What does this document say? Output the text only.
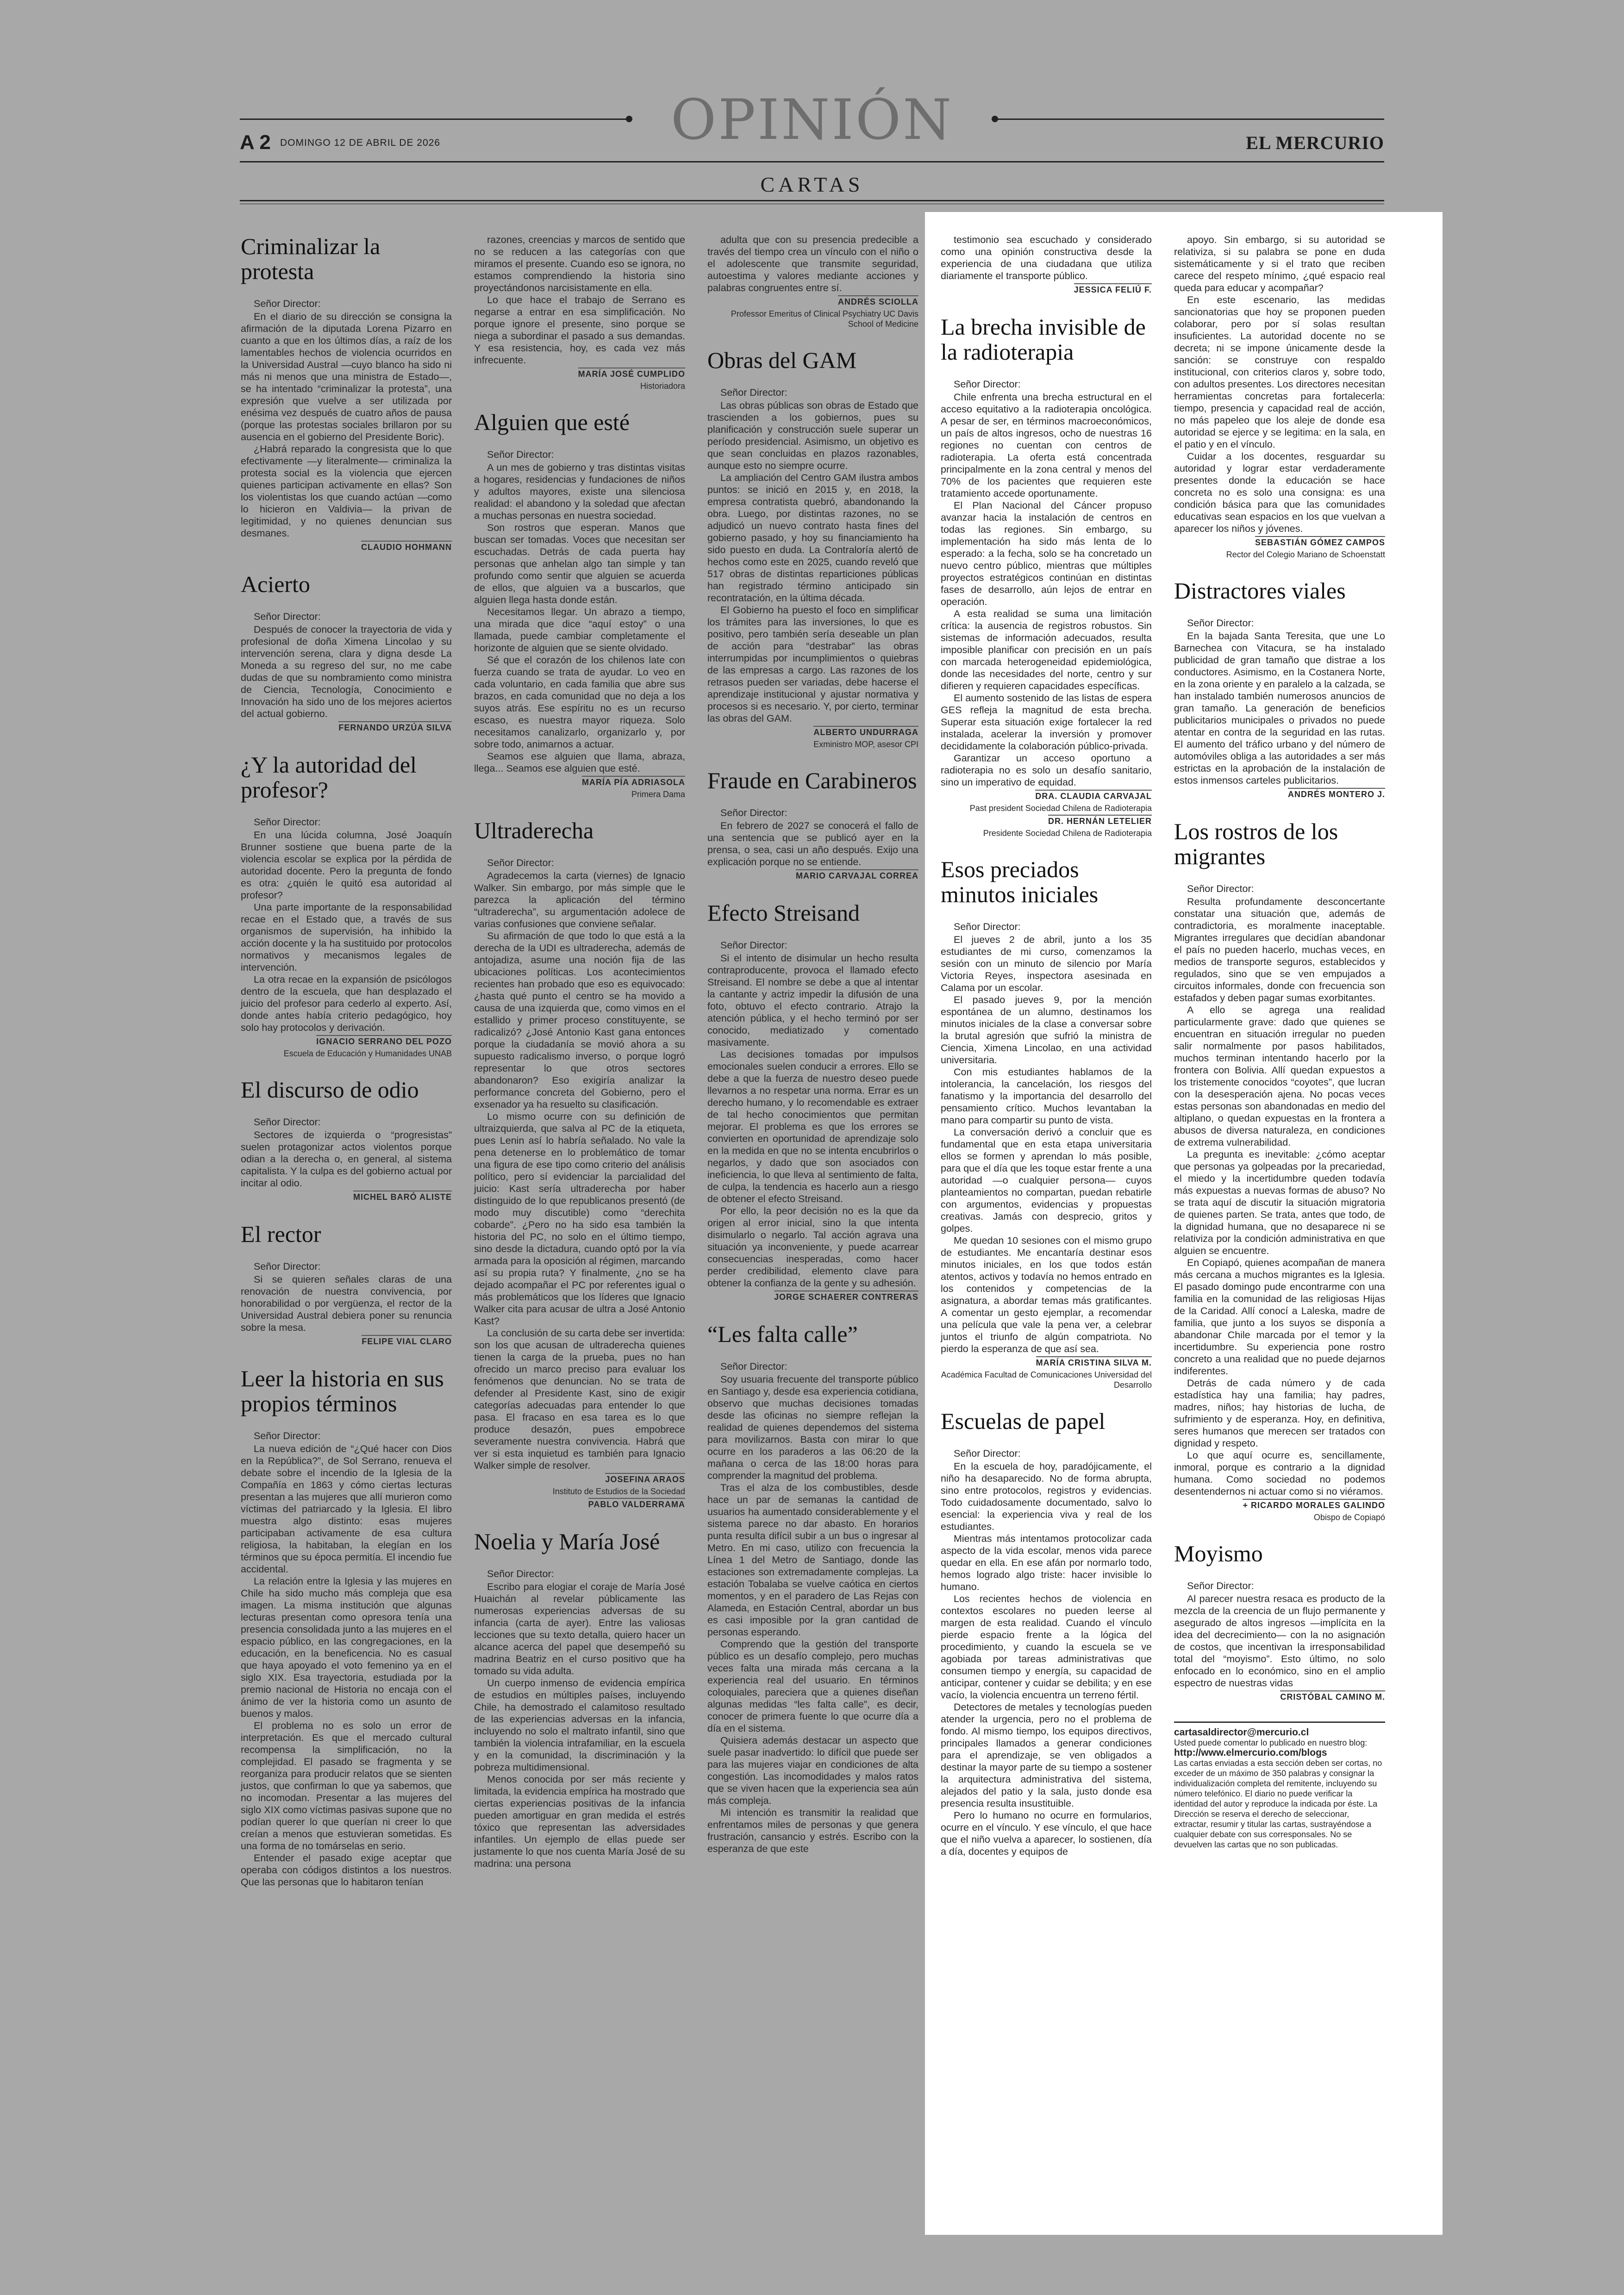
OPINIÓN
A 2 DOMINGO 12 DE ABRIL DE 2026	EL MERCURIO
CARTAS
Criminalizar la protesta

Señor Director:

En el diario de su dirección se consigna la afirmación de la diputada Lorena Pizarro en cuanto a que en los últimos días, a raíz de los lamentables hechos de violencia ocurridos en la Universidad Austral —cuyo blanco ha sido ni más ni menos que una ministra de Estado—, se ha intentado “criminalizar la protesta”, una expresión que vuelve a ser utilizada por enésima vez después de cuatro años de pausa (porque las protestas sociales brillaron por su ausencia en el gobierno del Presidente Boric).

¿Habrá reparado la congresista que lo que efectivamente —y literalmente— criminaliza la protesta social es la violencia que ejercen quienes participan activamente en ellas? Son los violentistas los que cuando actúan —como lo hicieron en Valdivia— la privan de legitimidad, y no quienes denuncian sus desmanes.

CLAUDIO HOHMANN
Acierto

Señor Director:

Después de conocer la trayectoria de vida y profesional de doña Ximena Lincolao y su intervención serena, clara y digna desde La Moneda a su regreso del sur, no me cabe dudas de que su nombramiento como ministra de Ciencia, Tecnología, Conocimiento e Innovación ha sido uno de los mejores aciertos del actual gobierno.

FERNANDO URZÚA SILVA
¿Y la autoridad del profesor?

Señor Director:

En una lúcida columna, José Joaquín Brunner sostiene que buena parte de la violencia escolar se explica por la pérdida de autoridad docente. Pero la pregunta de fondo es otra: ¿quién le quitó esa autoridad al profesor?

Una parte importante de la responsabilidad recae en el Estado que, a través de sus organismos de supervisión, ha inhibido la acción docente y la ha sustituido por protocolos normativos y mecanismos legales de intervención.

La otra recae en la expansión de psicólogos dentro de la escuela, que han desplazado el juicio del profesor para cederlo al experto. Así, donde antes había criterio pedagógico, hoy solo hay protocolos y derivación.

IGNACIO SERRANO DEL POZO
Escuela de Educación y Humanidades UNAB
El discurso de odio

Señor Director:

Sectores de izquierda o “progresistas” suelen protagonizar actos violentos porque odian a la derecha o, en general, al sistema capitalista. Y la culpa es del gobierno actual por incitar al odio.

MICHEL BARÓ ALISTE
El rector

Señor Director:

Si se quieren señales claras de una renovación de nuestra convivencia, por honorabilidad o por vergüenza, el rector de la Universidad Austral debiera poner su renuncia sobre la mesa.

FELIPE VIAL CLARO
Leer la historia en sus propios términos

Señor Director:

La nueva edición de “¿Qué hacer con Dios en la República?”, de Sol Serrano, renueva el debate sobre el incendio de la Iglesia de la Compañía en 1863 y cómo ciertas lecturas presentan a las mujeres que allí murieron como víctimas del patriarcado y la Iglesia. El libro muestra algo distinto: esas mujeres participaban activamente de esa cultura religiosa, la habitaban, la elegían en los términos que su época permitía. El incendio fue accidental.

La relación entre la Iglesia y las mujeres en Chile ha sido mucho más compleja que esa imagen. La misma institución que algunas lecturas presentan como opresora tenía una presencia consolidada junto a las mujeres en el espacio público, en las congregaciones, en la educación, en la beneficencia. No es casual que haya apoyado el voto femenino ya en el siglo XIX. Esa trayectoria, estudiada por la premio nacional de Historia no encaja con el ánimo de ver la historia como un asunto de buenos y malos.

El problema no es solo un error de interpretación. Es que el mercado cultural recompensa la simplificación, no la complejidad. El pasado se fragmenta y se reorganiza para producir relatos que se sienten justos, que confirman lo que ya sabemos, que no incomodan. Presentar a las mujeres del siglo XIX como víctimas pasivas supone que no podían querer lo que querían ni creer lo que creían a menos que estuvieran sometidas. Es una forma de no tomárselas en serio.

Entender el pasado exige aceptar que operaba con códigos distintos a los nuestros. Que las personas que lo habitaron tenían

razones, creencias y marcos de sentido que no se reducen a las categorías con que miramos el presente. Cuando eso se ignora, no estamos comprendiendo la historia sino proyectándonos narcisistamente en ella.

Lo que hace el trabajo de Serrano es negarse a entrar en esa simplificación. No porque ignore el presente, sino porque se niega a subordinar el pasado a sus demandas. Y esa resistencia, hoy, es cada vez más infrecuente.

MARÍA JOSÉ CUMPLIDO
Historiadora
Alguien que esté

Señor Director:

A un mes de gobierno y tras distintas visitas a hogares, residencias y fundaciones de niños y adultos mayores, existe una silenciosa realidad: el abandono y la soledad que afectan a muchas personas en nuestra sociedad.

Son rostros que esperan. Manos que buscan ser tomadas. Voces que necesitan ser escuchadas. Detrás de cada puerta hay personas que anhelan algo tan simple y tan profundo como sentir que alguien se acuerda de ellos, que alguien va a buscarlos, que alguien llega hasta donde están.

Necesitamos llegar. Un abrazo a tiempo, una mirada que dice “aquí estoy” o una llamada, puede cambiar completamente el horizonte de alguien que se siente olvidado.

Sé que el corazón de los chilenos late con fuerza cuando se trata de ayudar. Lo veo en cada voluntario, en cada familia que abre sus brazos, en cada comunidad que no deja a los suyos atrás. Ese espíritu no es un recurso escaso, es nuestra mayor riqueza. Solo necesitamos canalizarlo, organizarlo y, por sobre todo, animarnos a actuar.

Seamos ese alguien que llama, abraza, llega... Seamos ese alguien que esté.

MARÍA PÍA ADRIASOLA
Primera Dama
Ultraderecha

Señor Director:

Agradecemos la carta (viernes) de Ignacio Walker. Sin embargo, por más simple que le parezca la aplicación del término “ultraderecha”, su argumentación adolece de varias confusiones que conviene señalar.

Su afirmación de que todo lo que está a la derecha de la UDI es ultraderecha, además de antojadiza, asume una noción fija de las ubicaciones políticas. Los acontecimientos recientes han probado que eso es equivocado: ¿hasta qué punto el centro se ha movido a causa de una izquierda que, como vimos en el estallido y primer proceso constituyente, se radicalizó? ¿José Antonio Kast gana entonces porque la ciudadanía se movió ahora a su supuesto radicalismo inverso, o porque logró representar lo que otros sectores abandonaron? Eso exigiría analizar la performance concreta del Gobierno, pero el exsenador ya ha resuelto su clasificación.

Lo mismo ocurre con su definición de ultraizquierda, que salva al PC de la etiqueta, pues Lenin así lo habría señalado. No vale la pena detenerse en lo problemático de tomar una figura de ese tipo como criterio del análisis político, pero sí evidenciar la parcialidad del juicio: Kast sería ultraderecha por haber distinguido de lo que republicanos presentó (de modo muy discutible) como “derechita cobarde”. ¿Pero no ha sido esa también la historia del PC, no solo en el último tiempo, sino desde la dictadura, cuando optó por la vía armada para la oposición al régimen, marcando así su propia ruta? Y finalmente, ¿no se ha dejado acompañar el PC por referentes igual o más problemáticos que los líderes que Ignacio Walker cita para acusar de ultra a José Antonio Kast?

La conclusión de su carta debe ser invertida: son los que acusan de ultraderecha quienes tienen la carga de la prueba, pues no han ofrecido un marco preciso para evaluar los fenómenos que denuncian. No se trata de defender al Presidente Kast, sino de exigir categorías adecuadas para entender lo que pasa. El fracaso en esa tarea es lo que produce desazón, pues empobrece severamente nuestra convivencia. Habrá que ver si esta inquietud es también para Ignacio Walker simple de resolver.

JOSEFINA ARAOS
Instituto de Estudios de la Sociedad
PABLO VALDERRAMA
Noelia y María José

Señor Director:

Escribo para elogiar el coraje de María José Huaichán al revelar públicamente las numerosas experiencias adversas de su infancia (carta de ayer). Entre las valiosas lecciones que su texto detalla, quiero hacer un alcance acerca del papel que desempeñó su madrina Beatriz en el curso positivo que ha tomado su vida adulta.

Un cuerpo inmenso de evidencia empírica de estudios en múltiples países, incluyendo Chile, ha demostrado el calamitoso resultado de las experiencias adversas en la infancia, incluyendo no solo el maltrato infantil, sino que también la violencia intrafamiliar, en la escuela y en la comunidad, la discriminación y la pobreza multidimensional.

Menos conocida por ser más reciente y limitada, la evidencia empírica ha mostrado que ciertas experiencias positivas de la infancia pueden amortiguar en gran medida el estrés tóxico que representan las adversidades infantiles. Un ejemplo de ellas puede ser justamente lo que nos cuenta María José de su madrina: una persona

adulta que con su presencia predecible a través del tiempo crea un vínculo con el niño o el adolescente que transmite seguridad, autoestima y valores mediante acciones y palabras congruentes entre sí.

ANDRÉS SCIOLLA
Professor Emeritus of Clinical Psychiatry UC Davis School of Medicine
Obras del GAM

Señor Director:

Las obras públicas son obras de Estado que trascienden a los gobiernos, pues su planificación y construcción suele superar un período presidencial. Asimismo, un objetivo es que sean concluidas en plazos razonables, aunque esto no siempre ocurre.

La ampliación del Centro GAM ilustra ambos puntos: se inició en 2015 y, en 2018, la empresa contratista quebró, abandonando la obra. Luego, por distintas razones, no se adjudicó un nuevo contrato hasta fines del gobierno pasado, y hoy su financiamiento ha sido puesto en duda. La Contraloría alertó de hechos como este en 2025, cuando reveló que 517 obras de distintas reparticiones públicas han registrado término anticipado sin recontratación, en la última década.

El Gobierno ha puesto el foco en simplificar los trámites para las inversiones, lo que es positivo, pero también sería deseable un plan de acción para “destrabar” las obras interrumpidas por incumplimientos o quiebras de las empresas a cargo. Las razones de los retrasos pueden ser variadas, debe hacerse el aprendizaje institucional y ajustar normativa y procesos si es necesario. Y, por cierto, terminar las obras del GAM.

ALBERTO UNDURRAGA
Exministro MOP, asesor CPI
Fraude en Carabineros

Señor Director:

En febrero de 2027 se conocerá el fallo de una sentencia que se publicó ayer en la prensa, o sea, casi un año después. Exijo una explicación porque no se entiende.

MARIO CARVAJAL CORREA
Efecto Streisand

Señor Director:

Si el intento de disimular un hecho resulta contraproducente, provoca el llamado efecto Streisand. El nombre se debe a que al intentar la cantante y actriz impedir la difusión de una foto, obtuvo el efecto contrario. Atrajo la atención pública, y el hecho terminó por ser conocido, mediatizado y comentado masivamente.

Las decisiones tomadas por impulsos emocionales suelen conducir a errores. Ello se debe a que la fuerza de nuestro deseo puede llevarnos a no respetar una norma. Errar es un derecho humano, y lo recomendable es extraer de tal hecho conocimientos que permitan mejorar. El problema es que los errores se convierten en oportunidad de aprendizaje solo en la medida en que no se intenta encubrirlos o negarlos, y dado que son asociados con ineficiencia, lo que lleva al sentimiento de falta, de culpa, la tendencia es hacerlo aun a riesgo de obtener el efecto Streisand.

Por ello, la peor decisión no es la que da origen al error inicial, sino la que intenta disimularlo o negarlo. Tal acción agrava una situación ya inconveniente, y puede acarrear consecuencias inesperadas, como hacer perder credibilidad, elemento clave para obtener la confianza de la gente y su adhesión.

JORGE SCHAERER CONTRERAS
“Les falta calle”

Señor Director:

Soy usuaria frecuente del transporte público en Santiago y, desde esa experiencia cotidiana, observo que muchas decisiones tomadas desde las oficinas no siempre reflejan la realidad de quienes dependemos del sistema para movilizarnos. Basta con mirar lo que ocurre en los paraderos a las 06:20 de la mañana o cerca de las 18:00 horas para comprender la magnitud del problema.

Tras el alza de los combustibles, desde hace un par de semanas la cantidad de usuarios ha aumentado considerablemente y el sistema parece no dar abasto. En horarios punta resulta difícil subir a un bus o ingresar al Metro. En mi caso, utilizo con frecuencia la Línea 1 del Metro de Santiago, donde las estaciones son extremadamente complejas. La estación Tobalaba se vuelve caótica en ciertos momentos, y en el paradero de Las Rejas con Alameda, en Estación Central, abordar un bus es casi imposible por la gran cantidad de personas esperando.

Comprendo que la gestión del transporte público es un desafío complejo, pero muchas veces falta una mirada más cercana a la experiencia real del usuario. En términos coloquiales, pareciera que a quienes diseñan algunas medidas “les falta calle”, es decir, conocer de primera fuente lo que ocurre día a día en el sistema.

Quisiera además destacar un aspecto que suele pasar inadvertido: lo difícil que puede ser para las mujeres viajar en condiciones de alta congestión. Las incomodidades y malos ratos que se viven hacen que la experiencia sea aún más compleja.

Mi intención es transmitir la realidad que enfrentamos miles de personas y que genera frustración, cansancio y estrés. Escribo con la esperanza de que este

testimonio sea escuchado y considerado como una opinión constructiva desde la experiencia de una ciudadana que utiliza diariamente el transporte público.

JESSICA FELIÚ F.
La brecha invisible de la radioterapia

Señor Director:

Chile enfrenta una brecha estructural en el acceso equitativo a la radioterapia oncológica. A pesar de ser, en términos macroeconómicos, un país de altos ingresos, ocho de nuestras 16 regiones no cuentan con centros de radioterapia. La oferta está concentrada principalmente en la zona central y menos del 70% de los pacientes que requieren este tratamiento accede oportunamente.

El Plan Nacional del Cáncer propuso avanzar hacia la instalación de centros en todas las regiones. Sin embargo, su implementación ha sido más lenta de lo esperado: a la fecha, solo se ha concretado un nuevo centro público, mientras que múltiples proyectos estratégicos continúan en distintas fases de desarrollo, aún lejos de entrar en operación.

A esta realidad se suma una limitación crítica: la ausencia de registros robustos. Sin sistemas de información adecuados, resulta imposible planificar con precisión en un país con marcada heterogeneidad epidemiológica, donde las necesidades del norte, centro y sur difieren y requieren capacidades específicas.

El aumento sostenido de las listas de espera GES refleja la magnitud de esta brecha. Superar esta situación exige fortalecer la red instalada, acelerar la inversión y promover decididamente la colaboración público-privada.

Garantizar un acceso oportuno a radioterapia no es solo un desafío sanitario, sino un imperativo de equidad.

DRA. CLAUDIA CARVAJAL
Past president Sociedad Chilena de Radioterapia
DR. HERNÁN LETELIER
Presidente Sociedad Chilena de Radioterapia
Esos preciados minutos iniciales

Señor Director:

El jueves 2 de abril, junto a los 35 estudiantes de mi curso, comenzamos la sesión con un minuto de silencio por María Victoria Reyes, inspectora asesinada en Calama por un escolar.

El pasado jueves 9, por la mención espontánea de un alumno, destinamos los minutos iniciales de la clase a conversar sobre la brutal agresión que sufrió la ministra de Ciencia, Ximena Lincolao, en una actividad universitaria.

Con mis estudiantes hablamos de la intolerancia, la cancelación, los riesgos del fanatismo y la importancia del desarrollo del pensamiento crítico. Muchos levantaban la mano para compartir su punto de vista.

La conversación derivó a concluir que es fundamental que en esta etapa universitaria ellos se formen y aprendan lo más posible, para que el día que les toque estar frente a una autoridad —o cualquier persona— cuyos planteamientos no compartan, puedan rebatirle con argumentos, evidencias y propuestas creativas. Jamás con desprecio, gritos y golpes.

Me quedan 10 sesiones con el mismo grupo de estudiantes. Me encantaría destinar esos minutos iniciales, en los que todos están atentos, activos y todavía no hemos entrado en los contenidos y competencias de la asignatura, a abordar temas más gratificantes. A comentar un gesto ejemplar, a recomendar una película que vale la pena ver, a celebrar juntos el triunfo de algún compatriota. No pierdo la esperanza de que así sea.

MARÍA CRISTINA SILVA M.
Académica Facultad de Comunicaciones Universidad del Desarrollo
Escuelas de papel

Señor Director:

En la escuela de hoy, paradójicamente, el niño ha desaparecido. No de forma abrupta, sino entre protocolos, registros y evidencias. Todo cuidadosamente documentado, salvo lo esencial: la experiencia viva y real de los estudiantes.

Mientras más intentamos protocolizar cada aspecto de la vida escolar, menos vida parece quedar en ella. En ese afán por normarlo todo, hemos logrado algo triste: hacer invisible lo humano.

Los recientes hechos de violencia en contextos escolares no pueden leerse al margen de esta realidad. Cuando el vínculo pierde espacio frente a la lógica del procedimiento, y cuando la escuela se ve agobiada por tareas administrativas que consumen tiempo y energía, su capacidad de anticipar, contener y cuidar se debilita; y en ese vacío, la violencia encuentra un terreno fértil.

Detectores de metales y tecnologías pueden atender la urgencia, pero no el problema de fondo. Al mismo tiempo, los equipos directivos, principales llamados a generar condiciones para el aprendizaje, se ven obligados a destinar la mayor parte de su tiempo a sostener la arquitectura administrativa del sistema, alejados del patio y la sala, justo donde esa presencia resulta insustituible.

Pero lo humano no ocurre en formularios, ocurre en el vínculo. Y ese vínculo, el que hace que el niño vuelva a aparecer, lo sostienen, día a día, docentes y equipos de

apoyo. Sin embargo, si su autoridad se relativiza, si su palabra se pone en duda sistemáticamente y si el trato que reciben carece del respeto mínimo, ¿qué espacio real queda para educar y acompañar?

En este escenario, las medidas sancionatorias que hoy se proponen pueden colaborar, pero por sí solas resultan insuficientes. La autoridad docente no se decreta; ni se impone únicamente desde la sanción: se construye con respaldo institucional, con criterios claros y, sobre todo, con adultos presentes. Los directores necesitan herramientas concretas para fortalecerla: tiempo, presencia y capacidad real de acción, no más papeleo que los aleje de donde esa autoridad se ejerce y se legitima: en la sala, en el patio y en el vínculo.

Cuidar a los docentes, resguardar su autoridad y lograr estar verdaderamente presentes donde la educación se hace concreta no es solo una consigna: es una condición básica para que las comunidades educativas sean espacios en los que vuelvan a aparecer los niños y jóvenes.

SEBASTIÁN GÓMEZ CAMPOS
Rector del Colegio Mariano de Schoenstatt
Distractores viales

Señor Director:

En la bajada Santa Teresita, que une Lo Barnechea con Vitacura, se ha instalado publicidad de gran tamaño que distrae a los conductores. Asimismo, en la Costanera Norte, en la zona oriente y en paralelo a la calzada, se han instalado también numerosos anuncios de gran tamaño. La generación de beneficios publicitarios municipales o privados no puede atentar en contra de la seguridad en las rutas. El aumento del tráfico urbano y del número de automóviles obliga a las autoridades a ser más estrictas en la aprobación de la instalación de estos inmensos carteles publicitarios.

ANDRÉS MONTERO J.
Los rostros de los migrantes

Señor Director:

Resulta profundamente desconcertante constatar una situación que, además de contradictoria, es moralmente inaceptable. Migrantes irregulares que decidían abandonar el país no pueden hacerlo, muchas veces, en medios de transporte seguros, establecidos y regulados, sino que se ven empujados a circuitos informales, donde con frecuencia son estafados y deben pagar sumas exorbitantes.

A ello se agrega una realidad particularmente grave: dado que quienes se encuentran en situación irregular no pueden salir normalmente por pasos habilitados, muchos terminan intentando hacerlo por la frontera con Bolivia. Allí quedan expuestos a los tristemente conocidos “coyotes”, que lucran con la desesperación ajena. No pocas veces estas personas son abandonadas en medio del altiplano, o quedan expuestas en la frontera a abusos de diversa naturaleza, en condiciones de extrema vulnerabilidad.

La pregunta es inevitable: ¿cómo aceptar que personas ya golpeadas por la precariedad, el miedo y la incertidumbre queden todavía más expuestas a nuevas formas de abuso? No se trata aquí de discutir la situación migratoria de quienes parten. Se trata, antes que todo, de la dignidad humana, que no desaparece ni se relativiza por la condición administrativa en que alguien se encuentre.

En Copiapó, quienes acompañan de manera más cercana a muchos migrantes es la Iglesia. El pasado domingo pude encontrarme con una familia en la comunidad de las religiosas Hijas de la Caridad. Allí conocí a Laleska, madre de familia, que junto a los suyos se disponía a abandonar Chile marcada por el temor y la incertidumbre. Su experiencia pone rostro concreto a una realidad que no puede dejarnos indiferentes.

Detrás de cada número y de cada estadística hay una familia; hay padres, madres, niños; hay historias de lucha, de sufrimiento y de esperanza. Hoy, en definitiva, seres humanos que merecen ser tratados con dignidad y respeto.

Lo que aquí ocurre es, sencillamente, inmoral, porque es contrario a la dignidad humana. Como sociedad no podemos desentendernos ni actuar como si no viéramos.

+ RICARDO MORALES GALINDO
Obispo de Copiapó
Moyismo

Señor Director:

Al parecer nuestra resaca es producto de la mezcla de la creencia de un flujo permanente y asegurado de altos ingresos —implícita en la idea del decrecimiento— con la no asignación de costos, que incentivan la irresponsabilidad total del “moyismo”. Esto último, no solo enfocado en lo económico, sino en el amplio espectro de nuestras vidas

CRISTÓBAL CAMINO M.
cartasaldirector@mercurio.cl
Usted puede comentar lo publicado en nuestro blog:
http://www.elmercurio.com/blogs
Las cartas enviadas a esta sección deben ser cortas, no exceder de un máximo de 350 palabras y consignar la individualización completa del remitente, incluyendo su número telefónico. El diario no puede verificar la identidad del autor y reproduce la indicada por éste. La Dirección se reserva el derecho de seleccionar, extractar, resumir y titular las cartas, sustrayéndose a cualquier debate con sus corresponsales. No se devuelven las cartas que no son publicadas.
